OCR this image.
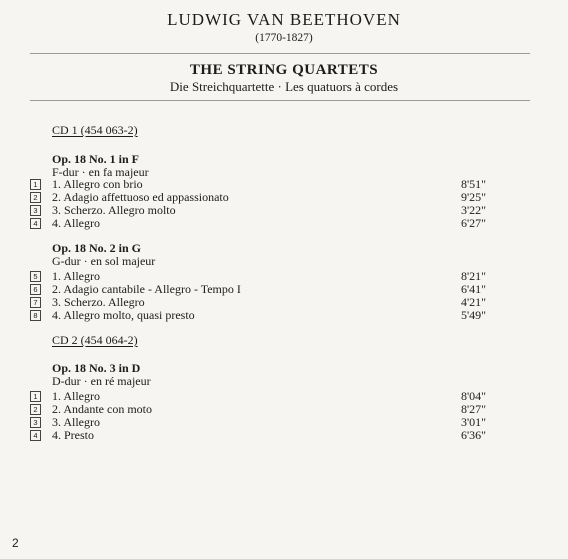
LUDWIG VAN BEETHOVEN
(1770-1827)
THE STRING QUARTETS
Die Streichquartette · Les quatuors à cordes
CD 1 (454 063-2)
Op. 18 No. 1 in F
F-dur · en fa majeur
1 1. Allegro con brio	8'51"
2 2. Adagio affettuoso ed appassionato	9'25"
3 3. Scherzo. Allegro molto	3'22"
4 4. Allegro	6'27"
Op. 18 No. 2 in G
G-dur · en sol majeur
5 1. Allegro	8'21"
6 2. Adagio cantabile - Allegro - Tempo I	6'41"
7 3. Scherzo. Allegro	4'21"
8 4. Allegro molto, quasi presto	5'49"
CD 2 (454 064-2)
Op. 18 No. 3 in D
D-dur · en ré majeur
1 1. Allegro	8'04"
2 2. Andante con moto	8'27"
3 3. Allegro	3'01"
4 4. Presto	6'36"
2
